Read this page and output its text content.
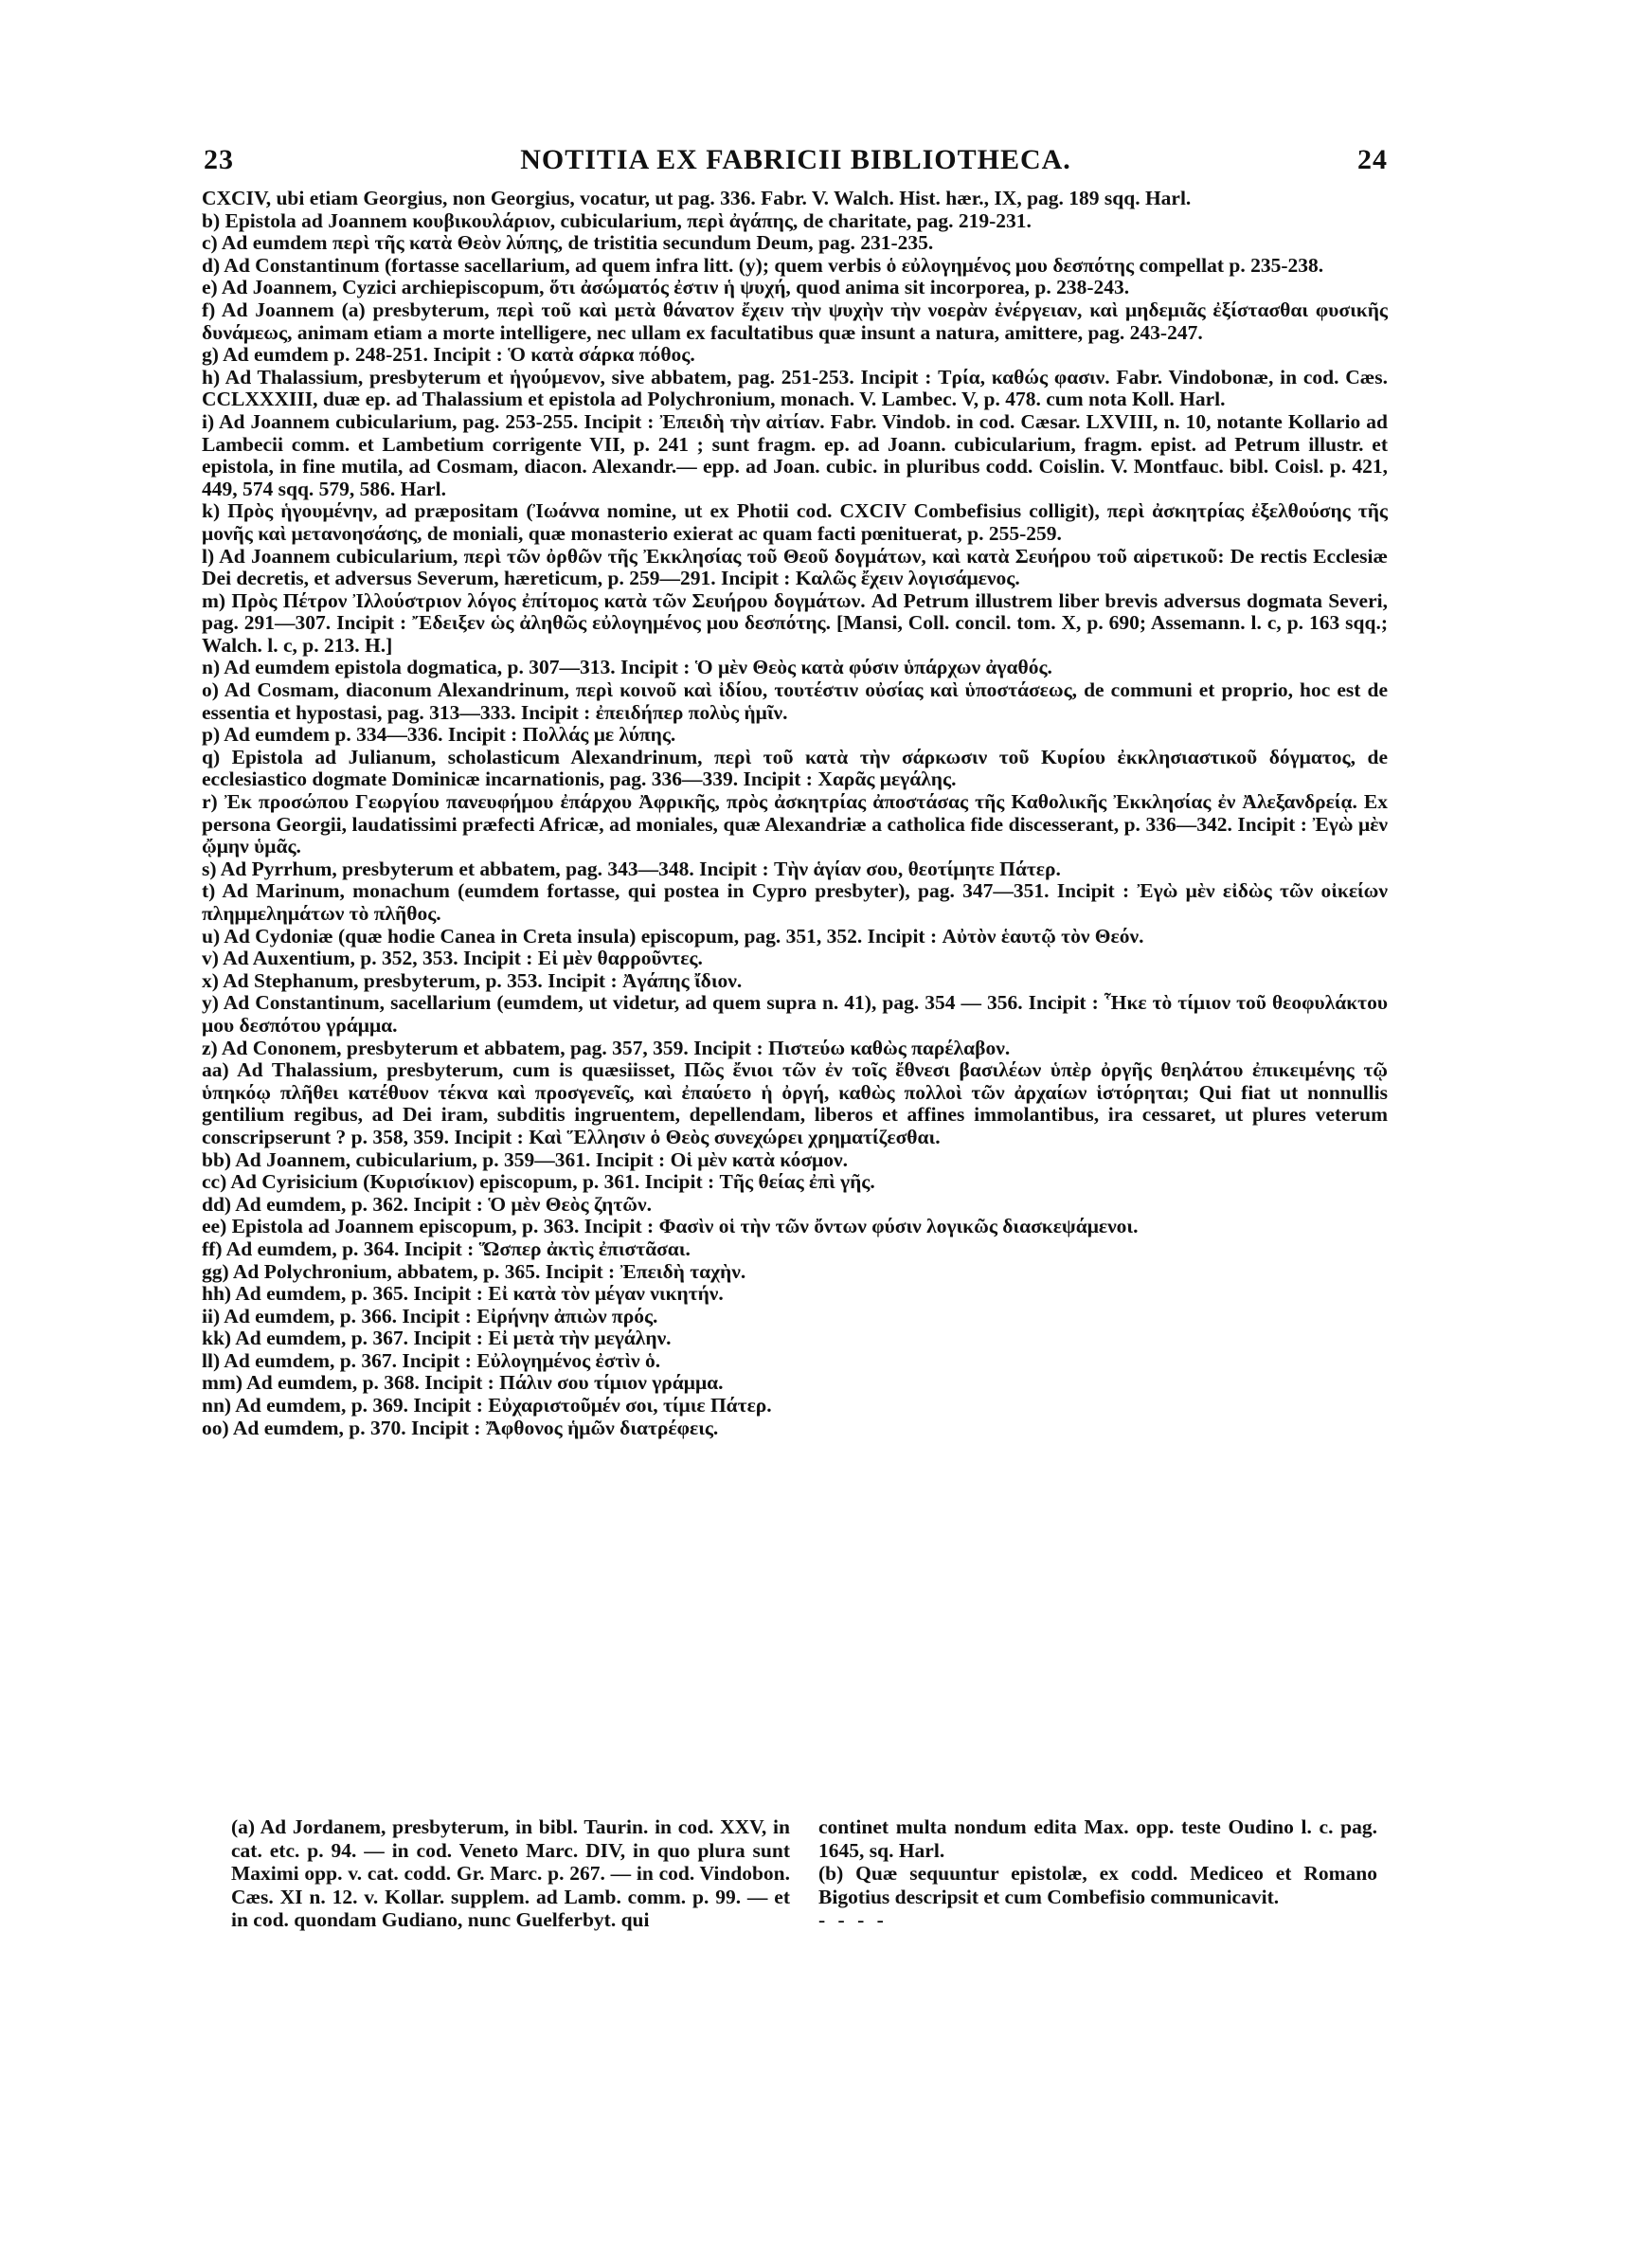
23	NOTITIA EX FABRICII BIBLIOTHECA.	24

CXCIV, ubi etiam Georgius, non Georgius, vocatur, ut pag. 336. Fabr. V. Walch. Hist. hær., IX, pag. 189 sqq. Harl.

b) Epistola ad Joannem κουβικουλάριον, cubicularium, περὶ ἀγάπης, de charitate, pag. 219-231.

c) Ad eumdem περὶ τῆς κατὰ Θεὸν λύπης, de tristitia secundum Deum, pag. 231-235.

d) Ad Constantinum (fortasse sacellarium, ad quem infra litt. (y); quem verbis ὁ εὐλογημένος μου δεσπότης compellat p. 235-238.

e) Ad Joannem, Cyzici archiepiscopum, ὅτι ἀσώματός ἐστιν ἡ ψυχή, quod anima sit incorporea, p. 238-243.

f) Ad Joannem (a) presbyterum, περὶ τοῦ καὶ μετὰ θάνατον ἔχειν τὴν ψυχὴν τὴν νοερὰν ἐνέργειαν, καὶ μηδεμιᾶς ἐξίστασθαι φυσικῆς δυνάμεως, animam etiam a morte intelligere, nec ullam ex facultatibus quæ insunt a natura, amittere, pag. 243-247.

g) Ad eumdem p. 248-251. Incipit : Ὁ κατὰ σάρκα πόθος.

h) Ad Thalassium, presbyterum et ἡγούμενον, sive abbatem, pag. 251-253. Incipit : Τρία, καθώς φασιν. Fabr. Vindobonæ, in cod. Cæs. CCLXXXIII, duæ ep. ad Thalassium et epistola ad Polychronium, monach. V. Lambec. V, p. 478. cum nota Koll. Harl.

i) Ad Joannem cubicularium, pag. 253-255. Incipit : Ἐπειδὴ τὴν αἰτίαν. Fabr. Vindob. in cod. Cæsar. LXVIII, n. 10, notante Kollario ad Lambecii comm. et Lambetium corrigente VII, p. 241 ; sunt fragm. ep. ad Joann. cubicularium, fragm. epist. ad Petrum illustr. et epistola, in fine mutila, ad Cosmam, diacon. Alexandr.— epp. ad Joan. cubic. in pluribus codd. Coislin. V. Montfauc. bibl. Coisl. p. 421, 449, 574 sqq. 579, 586. Harl.

k) Πρὸς ἡγουμένην, ad præpositam (Ἰωάννα nomine, ut ex Photii cod. CXCIV Combefisius colligit), περὶ ἀσκητρίας ἐξελθούσης τῆς μονῆς καὶ μετανοησάσης, de moniali, quæ monasterio exierat ac quam facti pœnituerat, p. 255-259.

l) Ad Joannem cubicularium, περὶ τῶν ὀρθῶν τῆς Ἐκκλησίας τοῦ Θεοῦ δογμάτων, καὶ κατὰ Σευήρου τοῦ αἱρετικοῦ: De rectis Ecclesiæ Dei decretis, et adversus Severum, hæreticum, p. 259—291. Incipit : Καλῶς ἔχειν λογισάμενος.

m) Πρὸς Πέτρον Ἰλλούστριον λόγος ἐπίτομος κατὰ τῶν Σευήρου δογμάτων. Ad Petrum illustrem liber brevis adversus dogmata Severi, pag. 291—307. Incipit : Ἔδειξεν ὡς ἀληθῶς εὐλογημένος μου δεσπότης. [Mansi, Coll. concil. tom. X, p. 690; Assemann. l. c, p. 163 sqq.; Walch. l. c, p. 213. H.]

n) Ad eumdem epistola dogmatica, p. 307—313. Incipit : Ὁ μὲν Θεὸς κατὰ φύσιν ὑπάρχων ἀγαθός.

o) Ad Cosmam, diaconum Alexandrinum, περὶ κοινοῦ καὶ ἰδίου, τουτέστιν οὐσίας καὶ ὑποστάσεως, de communi et proprio, hoc est de essentia et hypostasi, pag. 313—333. Incipit : ἐπειδήπερ πολὺς ἡμῖν.

p) Ad eumdem p. 334—336. Incipit : Πολλάς με λύπης.

q) Epistola ad Julianum, scholasticum Alexandrinum, περὶ τοῦ κατὰ τὴν σάρκωσιν τοῦ Κυρίου ἐκκλησιαστικοῦ δόγματος, de ecclesiastico dogmate Dominicæ incarnationis, pag. 336—339. Incipit : Χαρᾶς μεγάλης.

r) Ἐκ προσώπου Γεωργίου πανευφήμου ἐπάρχου Ἀφρικῆς, πρὸς ἀσκητρίας ἀποστάσας τῆς Καθολικῆς Ἐκκλησίας ἐν Ἀλεξανδρείᾳ. Ex persona Georgii, laudatissimi præfecti Africæ, ad moniales, quæ Alexandriæ a catholica fide discesserant, p. 336—342. Incipit : Ἐγὼ μὲν ᾤμην ὑμᾶς.

s) Ad Pyrrhum, presbyterum et abbatem, pag. 343—348. Incipit : Τὴν ἁγίαν σου, θεοτίμητε Πάτερ.

t) Ad Marinum, monachum (eumdem fortasse, qui postea in Cypro presbyter), pag. 347—351. Incipit : Ἐγὼ μὲν εἰδὼς τῶν οἰκείων πλημμελημάτων τὸ πλῆθος.

u) Ad Cydoniæ (quæ hodie Canea in Creta insula) episcopum, pag. 351, 352. Incipit : Αὐτὸν ἑαυτῷ τὸν Θεόν.

v) Ad Auxentium, p. 352, 353. Incipit : Εἰ μὲν θαρροῦντες.

x) Ad Stephanum, presbyterum, p. 353. Incipit : Ἀγάπης ἴδιον.

y) Ad Constantinum, sacellarium (eumdem, ut videtur, ad quem supra n. 41), pag. 354 — 356. Incipit : Ἧκε τὸ τίμιον τοῦ θεοφυλάκτου μου δεσπότου γράμμα.

z) Ad Cononem, presbyterum et abbatem, pag. 357, 359. Incipit : Πιστεύω καθὼς παρέλαβον.

aa) Ad Thalassium, presbyterum, cum is quæsiisset, Πῶς ἔνιοι τῶν ἐν τοῖς ἔθνεσι βασιλέων ὑπὲρ ὀργῆς θεηλάτου ἐπικειμένης τῷ ὑπηκόῳ πλῆθει κατέθυον τέκνα καὶ προσγενεῖς, καὶ ἐπαύετο ἡ ὀργή, καθὼς πολλοὶ τῶν ἀρχαίων ἱστόρηται; Qui fiat ut nonnullis gentilium regibus, ad Dei iram, subditis ingruentem, depellendam, liberos et affines immolantibus, ira cessaret, ut plures veterum conscripserunt ? p. 358, 359. Incipit : Καὶ Ἕλλησιν ὁ Θεὸς συνεχώρει χρηματίζεσθαι.

bb) Ad Joannem, cubicularium, p. 359—361. Incipit : Οἱ μὲν κατὰ κόσμον.

cc) Ad Cyrisicium (Κυρισίκιον) episcopum, p. 361. Incipit : Τῆς θείας ἐπὶ γῆς.

dd) Ad eumdem, p. 362. Incipit : Ὁ μὲν Θεὸς ζητῶν.

ee) Epistola ad Joannem episcopum, p. 363. Incipit : Φασὶν οἱ τὴν τῶν ὄντων φύσιν λογικῶς διασκεψάμενοι.

ff) Ad eumdem, p. 364. Incipit : Ὥσπερ ἀκτὶς ἐπιστᾶσαι.

gg) Ad Polychronium, abbatem, p. 365. Incipit : Ἐπειδὴ ταχὴν.

hh) Ad eumdem, p. 365. Incipit : Εἰ κατὰ τὸν μέγαν νικητήν.

ii) Ad eumdem, p. 366. Incipit : Εἰρήνην ἀπιὼν πρός.

kk) Ad eumdem, p. 367. Incipit : Εἰ μετὰ τὴν μεγάλην.

ll) Ad eumdem, p. 367. Incipit : Εὐλογημένος ἐστὶν ὁ.

mm) Ad eumdem, p. 368. Incipit : Πάλιν σου τίμιον γράμμα.

nn) Ad eumdem, p. 369. Incipit : Εὐχαριστοῦμέν σοι, τίμιε Πάτερ.

oo) Ad eumdem, p. 370. Incipit : Ἄφθονος ἡμῶν διατρέφεις.

(a) Ad Jordanem, presbyterum, in bibl. Taurin. in cod. XXV, in cat. etc. p. 94. — in cod. Veneto Marc. DIV, in quo plura sunt Maximi opp. v. cat. codd. Gr. Marc. p. 267. — in cod. Vindobon. Cæs. XI n. 12. v. Kollar. supplem. ad Lamb. comm. p. 99. — et in cod. quondam Gudiano, nunc Guelferbyt. qui

continet multa nondum edita Max. opp. teste Oudino l. c. pag. 1645, sq. Harl.

(b) Quæ sequuntur epistolæ, ex codd. Mediceo et Romano Bigotius descripsit et cum Combefisio communicavit.

- - - -
